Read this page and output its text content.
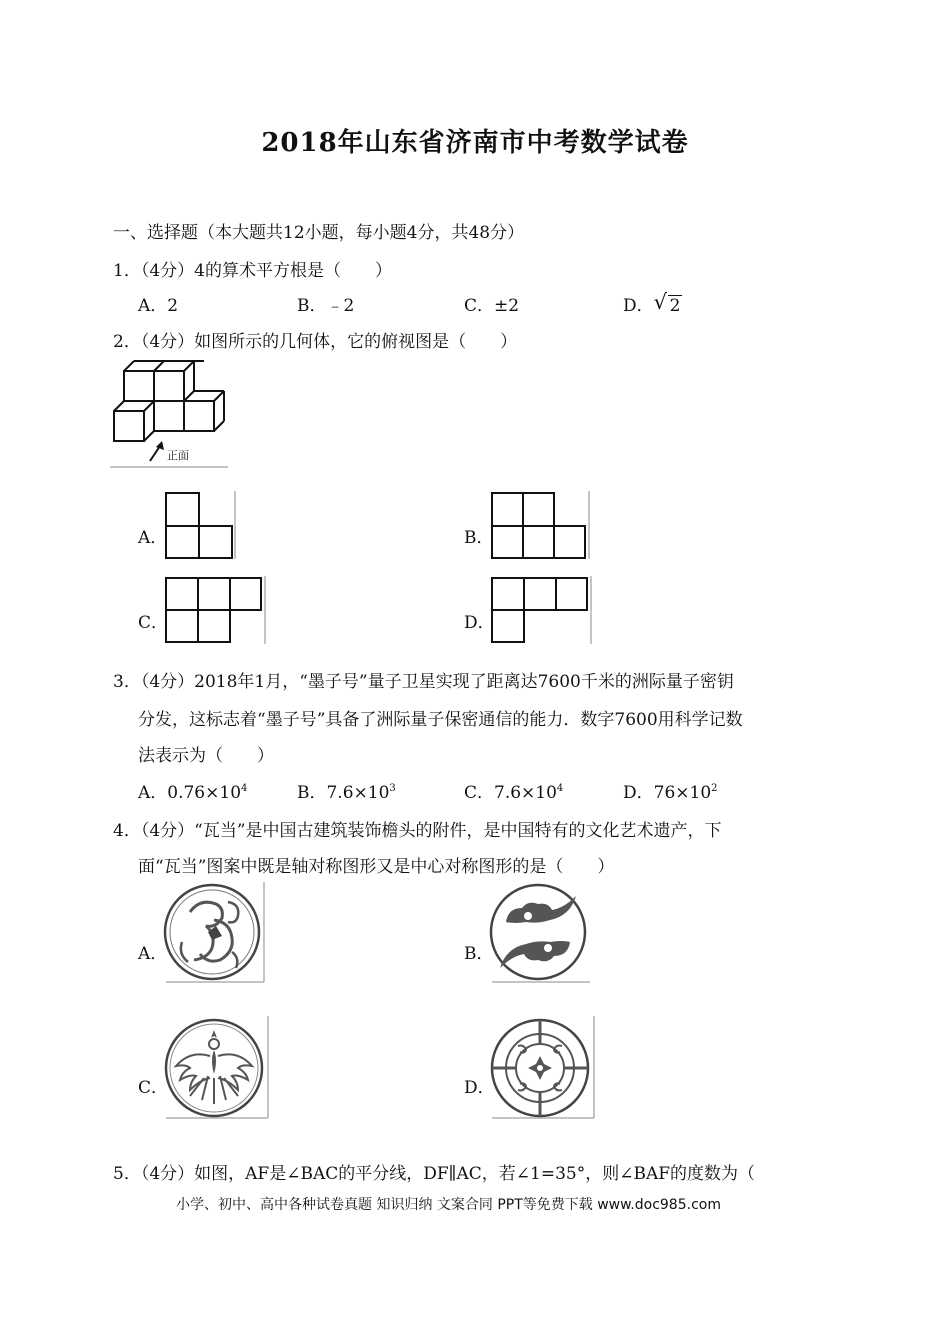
2018年山东省济南市中考数学试卷
一、选择题（本大题共12小题，每小题4分，共48分）
1．（4分）4的算术平方根是（　　）
A．2	B．﹣2	C．±2	D． √ 2
2．（4分）如图所示的几何体，它的俯视图是（　　）
正面
A．	B．
C．	D．
3．（4分）2018年1月，“墨子号”量子卫星实现了距离达7600千米的洲际量子密钥
分发，这标志着“墨子号”具备了洲际量子保密通信的能力．数字7600用科学记数
法表示为（　　）
A．$0.76\times 10^4$	B．$7.6\times 10^3$	C．$7.6\times 10^4$	D．$76\times 10^2$
4．（4分）“瓦当”是中国古建筑装饰檐头的附件，是中国特有的文化艺术遗产，下
面“瓦当”图案中既是轴对称图形又是中心对称图形的是（　　）
A．	B．
C．	D．
5．（4分）如图，AF是∠BAC的平分线，DF∥AC，若∠1=35°，则∠BAF的度数为（
小学、初中、高中各种试卷真题 知识归纳 文案合同 PPT等免费下载 www.doc985.com
